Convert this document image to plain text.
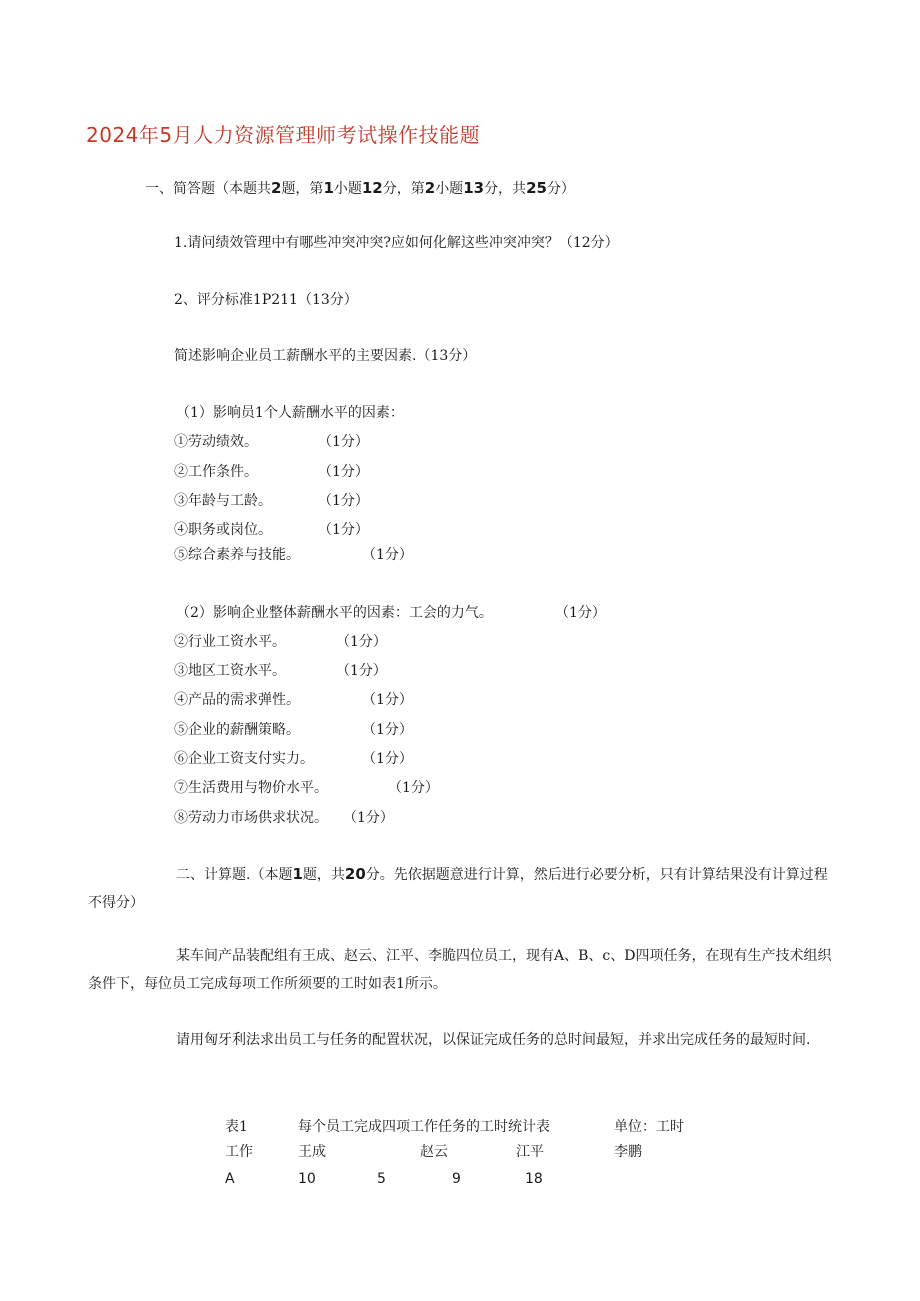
2024年5月人力资源管理师考试操作技能题
一、简答题（本题共2题，第1小题12分，第2小题13分，共25分）
1.请问绩效管理中有哪些冲突冲突?应如何化解这些冲突冲突？（12分）
2、评分标准1P211（13分）
简述影响企业员工薪酬水平的主要因素.（13分）
（1）影响员1个人薪酬水平的因素：
①劳动绩效。	（1分）
②工作条件。	（1分）
③年龄与工龄。	（1分）
④职务或岗位。	（1分）
⑤综合素养与技能。	（1分）
（2）影响企业整体薪酬水平的因素：工会的力气。	（1分）
②行业工资水平。	（1分）
③地区工资水平。	（1分）
④产品的需求弹性。	（1分）
⑤企业的薪酬策略。	（1分）
⑥企业工资支付实力。	（1分）
⑦生活费用与物价水平。	（1分）
⑧劳动力市场供求状况。 （1分）
二、计算题.（本题1题，共20分。先依据题意进行计算，然后进行必要分析，只有计算结果没有计算过程不得分）
某车间产品装配组有王成、赵云、江平、李脆四位员工，现有A、B、c、D四项任务，在现有生产技术组织条件下，每位员工完成每项工作所须要的工时如表1所示。
请用匈牙利法求出员工与任务的配置状况，以保证完成任务的总时间最短，并求出完成任务的最短时间.
表1	每个员工完成四项工作任务的工时统计表	单位：工时
工作	王成	赵云	江平	李鹏
A	10	5	9	18
